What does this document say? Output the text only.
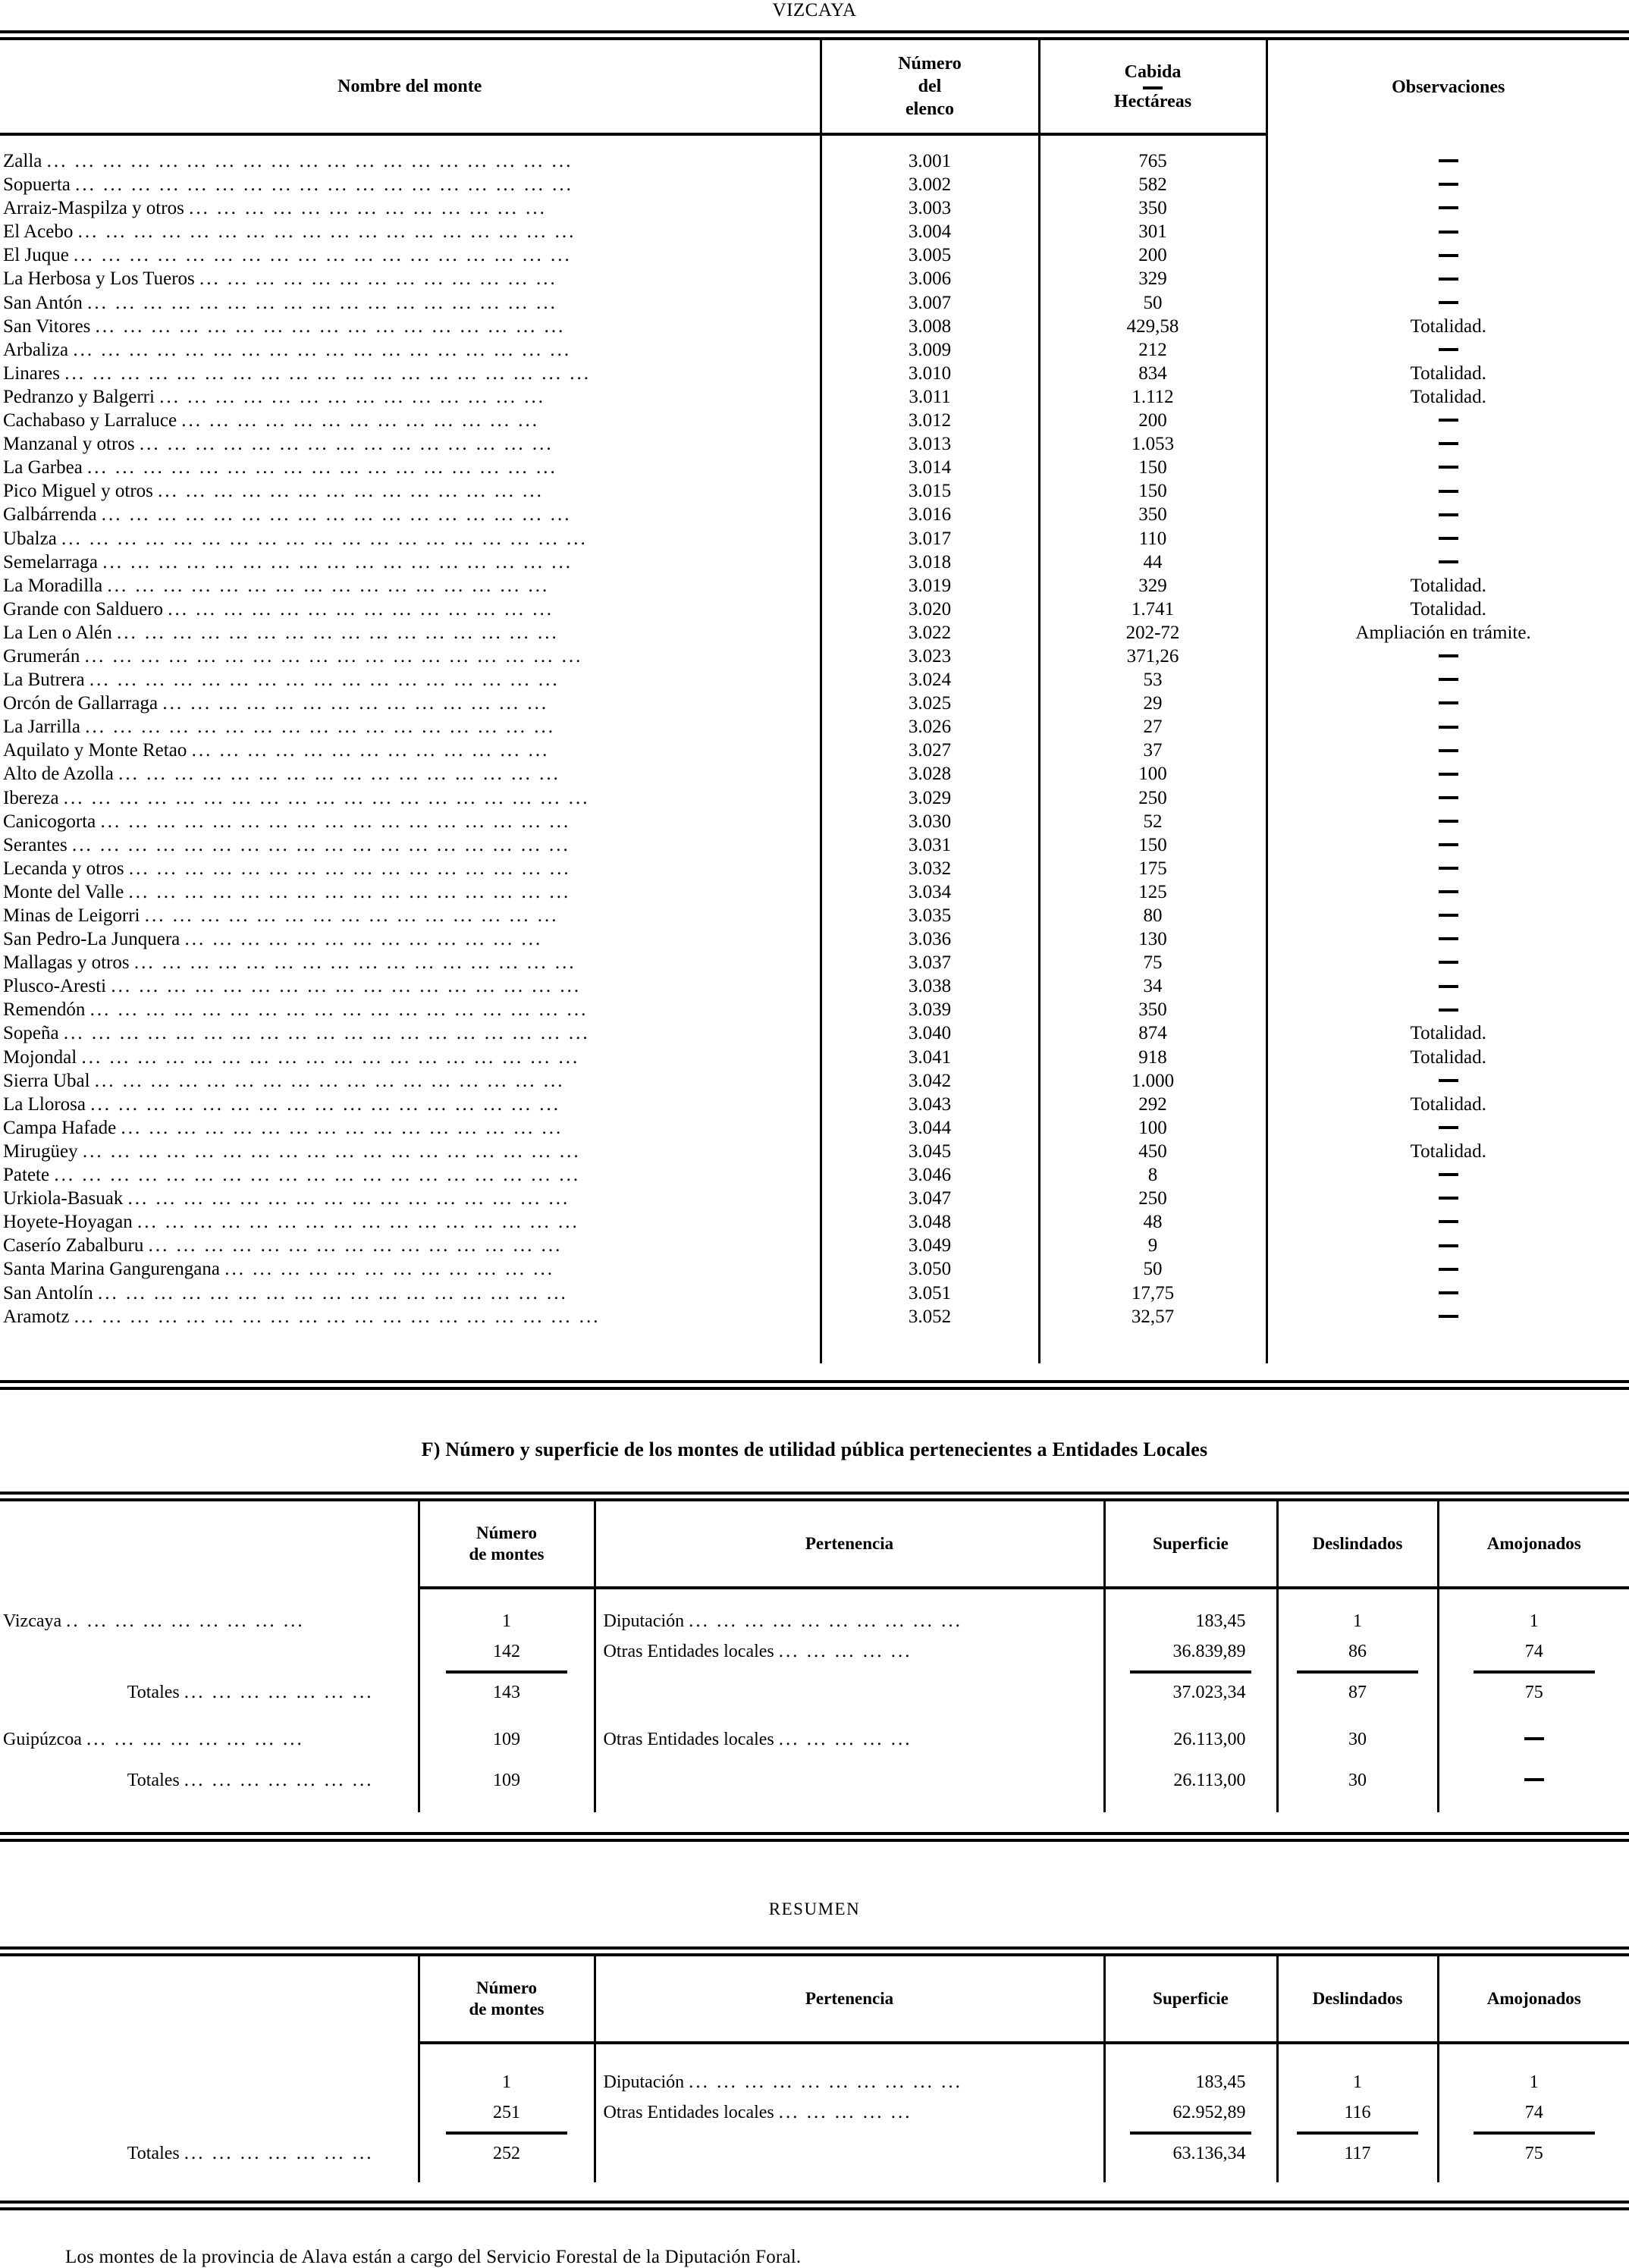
VIZCAYA
Nombre del monte	Número
del
elenco	Cabida
Hectáreas	Observaciones

Zalla ... ... ... ... ... ... ... ... ... ... ... ... ... ... ... ... ... ... ...	3.001	765	
Sopuerta ... ... ... ... ... ... ... ... ... ... ... ... ... ... ... ... ... ...	3.002	582	
Arraiz-Maspilza y otros ... ... ... ... ... ... ... ... ... ... ... ... ...	3.003	350	
El Acebo ... ... ... ... ... ... ... ... ... ... ... ... ... ... ... ... ... ...	3.004	301	
El Juque ... ... ... ... ... ... ... ... ... ... ... ... ... ... ... ... ... ...	3.005	200	
La Herbosa y Los Tueros ... ... ... ... ... ... ... ... ... ... ... ... ...	3.006	329	
San Antón ... ... ... ... ... ... ... ... ... ... ... ... ... ... ... ... ...	3.007	50	
San Vitores ... ... ... ... ... ... ... ... ... ... ... ... ... ... ... ... ...	3.008	429,58	Totalidad.
Arbaliza ... ... ... ... ... ... ... ... ... ... ... ... ... ... ... ... ... ...	3.009	212	
Linares ... ... ... ... ... ... ... ... ... ... ... ... ... ... ... ... ... ... ...	3.010	834	Totalidad.
Pedranzo y Balgerri ... ... ... ... ... ... ... ... ... ... ... ... ... ...	3.011	1.112	Totalidad.
Cachabaso y Larraluce ... ... ... ... ... ... ... ... ... ... ... ... ...	3.012	200	
Manzanal y otros ... ... ... ... ... ... ... ... ... ... ... ... ... ... ...	3.013	1.053	
La Garbea ... ... ... ... ... ... ... ... ... ... ... ... ... ... ... ... ...	3.014	150	
Pico Miguel y otros ... ... ... ... ... ... ... ... ... ... ... ... ... ...	3.015	150	
Galbárrenda ... ... ... ... ... ... ... ... ... ... ... ... ... ... ... ... ...	3.016	350	
Ubalza ... ... ... ... ... ... ... ... ... ... ... ... ... ... ... ... ... ... ...	3.017	110	
Semelarraga ... ... ... ... ... ... ... ... ... ... ... ... ... ... ... ... ...	3.018	44	
La Moradilla ... ... ... ... ... ... ... ... ... ... ... ... ... ... ... ...	3.019	329	Totalidad.
Grande con Salduero ... ... ... ... ... ... ... ... ... ... ... ... ... ...	3.020	1.741	Totalidad.
La Len o Alén ... ... ... ... ... ... ... ... ... ... ... ... ... ... ... ...	3.022	202-72	Ampliación en trámite.
Grumerán ... ... ... ... ... ... ... ... ... ... ... ... ... ... ... ... ... ...	3.023	371,26	
La Butrera ... ... ... ... ... ... ... ... ... ... ... ... ... ... ... ... ...	3.024	53	
Orcón de Gallarraga ... ... ... ... ... ... ... ... ... ... ... ... ... ...	3.025	29	
La Jarrilla ... ... ... ... ... ... ... ... ... ... ... ... ... ... ... ... ...	3.026	27	
Aquilato y Monte Retao ... ... ... ... ... ... ... ... ... ... ... ... ...	3.027	37	
Alto de Azolla ... ... ... ... ... ... ... ... ... ... ... ... ... ... ... ...	3.028	100	
Ibereza ... ... ... ... ... ... ... ... ... ... ... ... ... ... ... ... ... ... ...	3.029	250	
Canicogorta ... ... ... ... ... ... ... ... ... ... ... ... ... ... ... ... ...	3.030	52	
Serantes ... ... ... ... ... ... ... ... ... ... ... ... ... ... ... ... ... ...	3.031	150	
Lecanda y otros ... ... ... ... ... ... ... ... ... ... ... ... ... ... ... ...	3.032	175	
Monte del Valle ... ... ... ... ... ... ... ... ... ... ... ... ... ... ... ...	3.034	125	
Minas de Leigorri ... ... ... ... ... ... ... ... ... ... ... ... ... ... ...	3.035	80	
San Pedro-La Junquera ... ... ... ... ... ... ... ... ... ... ... ... ...	3.036	130	
Mallagas y otros ... ... ... ... ... ... ... ... ... ... ... ... ... ... ... ...	3.037	75	
Plusco-Aresti ... ... ... ... ... ... ... ... ... ... ... ... ... ... ... ... ...	3.038	34	
Remendón ... ... ... ... ... ... ... ... ... ... ... ... ... ... ... ... ... ...	3.039	350	
Sopeña ... ... ... ... ... ... ... ... ... ... ... ... ... ... ... ... ... ... ...	3.040	874	Totalidad.
Mojondal ... ... ... ... ... ... ... ... ... ... ... ... ... ... ... ... ... ...	3.041	918	Totalidad.
Sierra Ubal ... ... ... ... ... ... ... ... ... ... ... ... ... ... ... ... ...	3.042	1.000	
La Llorosa ... ... ... ... ... ... ... ... ... ... ... ... ... ... ... ... ...	3.043	292	Totalidad.
Campa Hafade ... ... ... ... ... ... ... ... ... ... ... ... ... ... ... ...	3.044	100	
Mirugüey ... ... ... ... ... ... ... ... ... ... ... ... ... ... ... ... ... ...	3.045	450	Totalidad.
Patete ... ... ... ... ... ... ... ... ... ... ... ... ... ... ... ... ... ... ...	3.046	8	
Urkiola-Basuak ... ... ... ... ... ... ... ... ... ... ... ... ... ... ... ...	3.047	250	
Hoyete-Hoyagan ... ... ... ... ... ... ... ... ... ... ... ... ... ... ... ...	3.048	48	
Caserío Zabalburu ... ... ... ... ... ... ... ... ... ... ... ... ... ... ...	3.049	9	
Santa Marina Gangurengana ... ... ... ... ... ... ... ... ... ... ... ...	3.050	50	
San Antolín ... ... ... ... ... ... ... ... ... ... ... ... ... ... ... ... ...	3.051	17,75	
Aramotz ... ... ... ... ... ... ... ... ... ... ... ... ... ... ... ... ... ... ...	3.052	32,57	

F) Número y superficie de los montes de utilidad pública pertenecientes a Entidades Locales

	Número
de montes	Pertenencia	Superficie	Deslindados	Amojonados

Vizcaya .. ... ... ... ... ... ... ... ...	1	Diputación ... ... ... ... ... ... ... ... ... ...	183,45	1	1
	142	Otras Entidades locales ... ... ... ... ...	36.839,89	86	74

Totales ... ... ... ... ... ... ...	143		37.023,34	87	75

Guipúzcoa ... ... ... ... ... ... ... ...	109	Otras Entidades locales ... ... ... ... ...	26.113,00	30	

Totales ... ... ... ... ... ... ...	109		26.113,00	30	

RESUMEN

	Número
de montes	Pertenencia	Superficie	Deslindados	Amojonados

	1	Diputación ... ... ... ... ... ... ... ... ... ...	183,45	1	1
	251	Otras Entidades locales ... ... ... ... ...	62.952,89	116	74

Totales ... ... ... ... ... ... ...	252		63.136,34	117	75

Los montes de la provincia de Alava están a cargo del Servicio Forestal de la Diputación Foral.
